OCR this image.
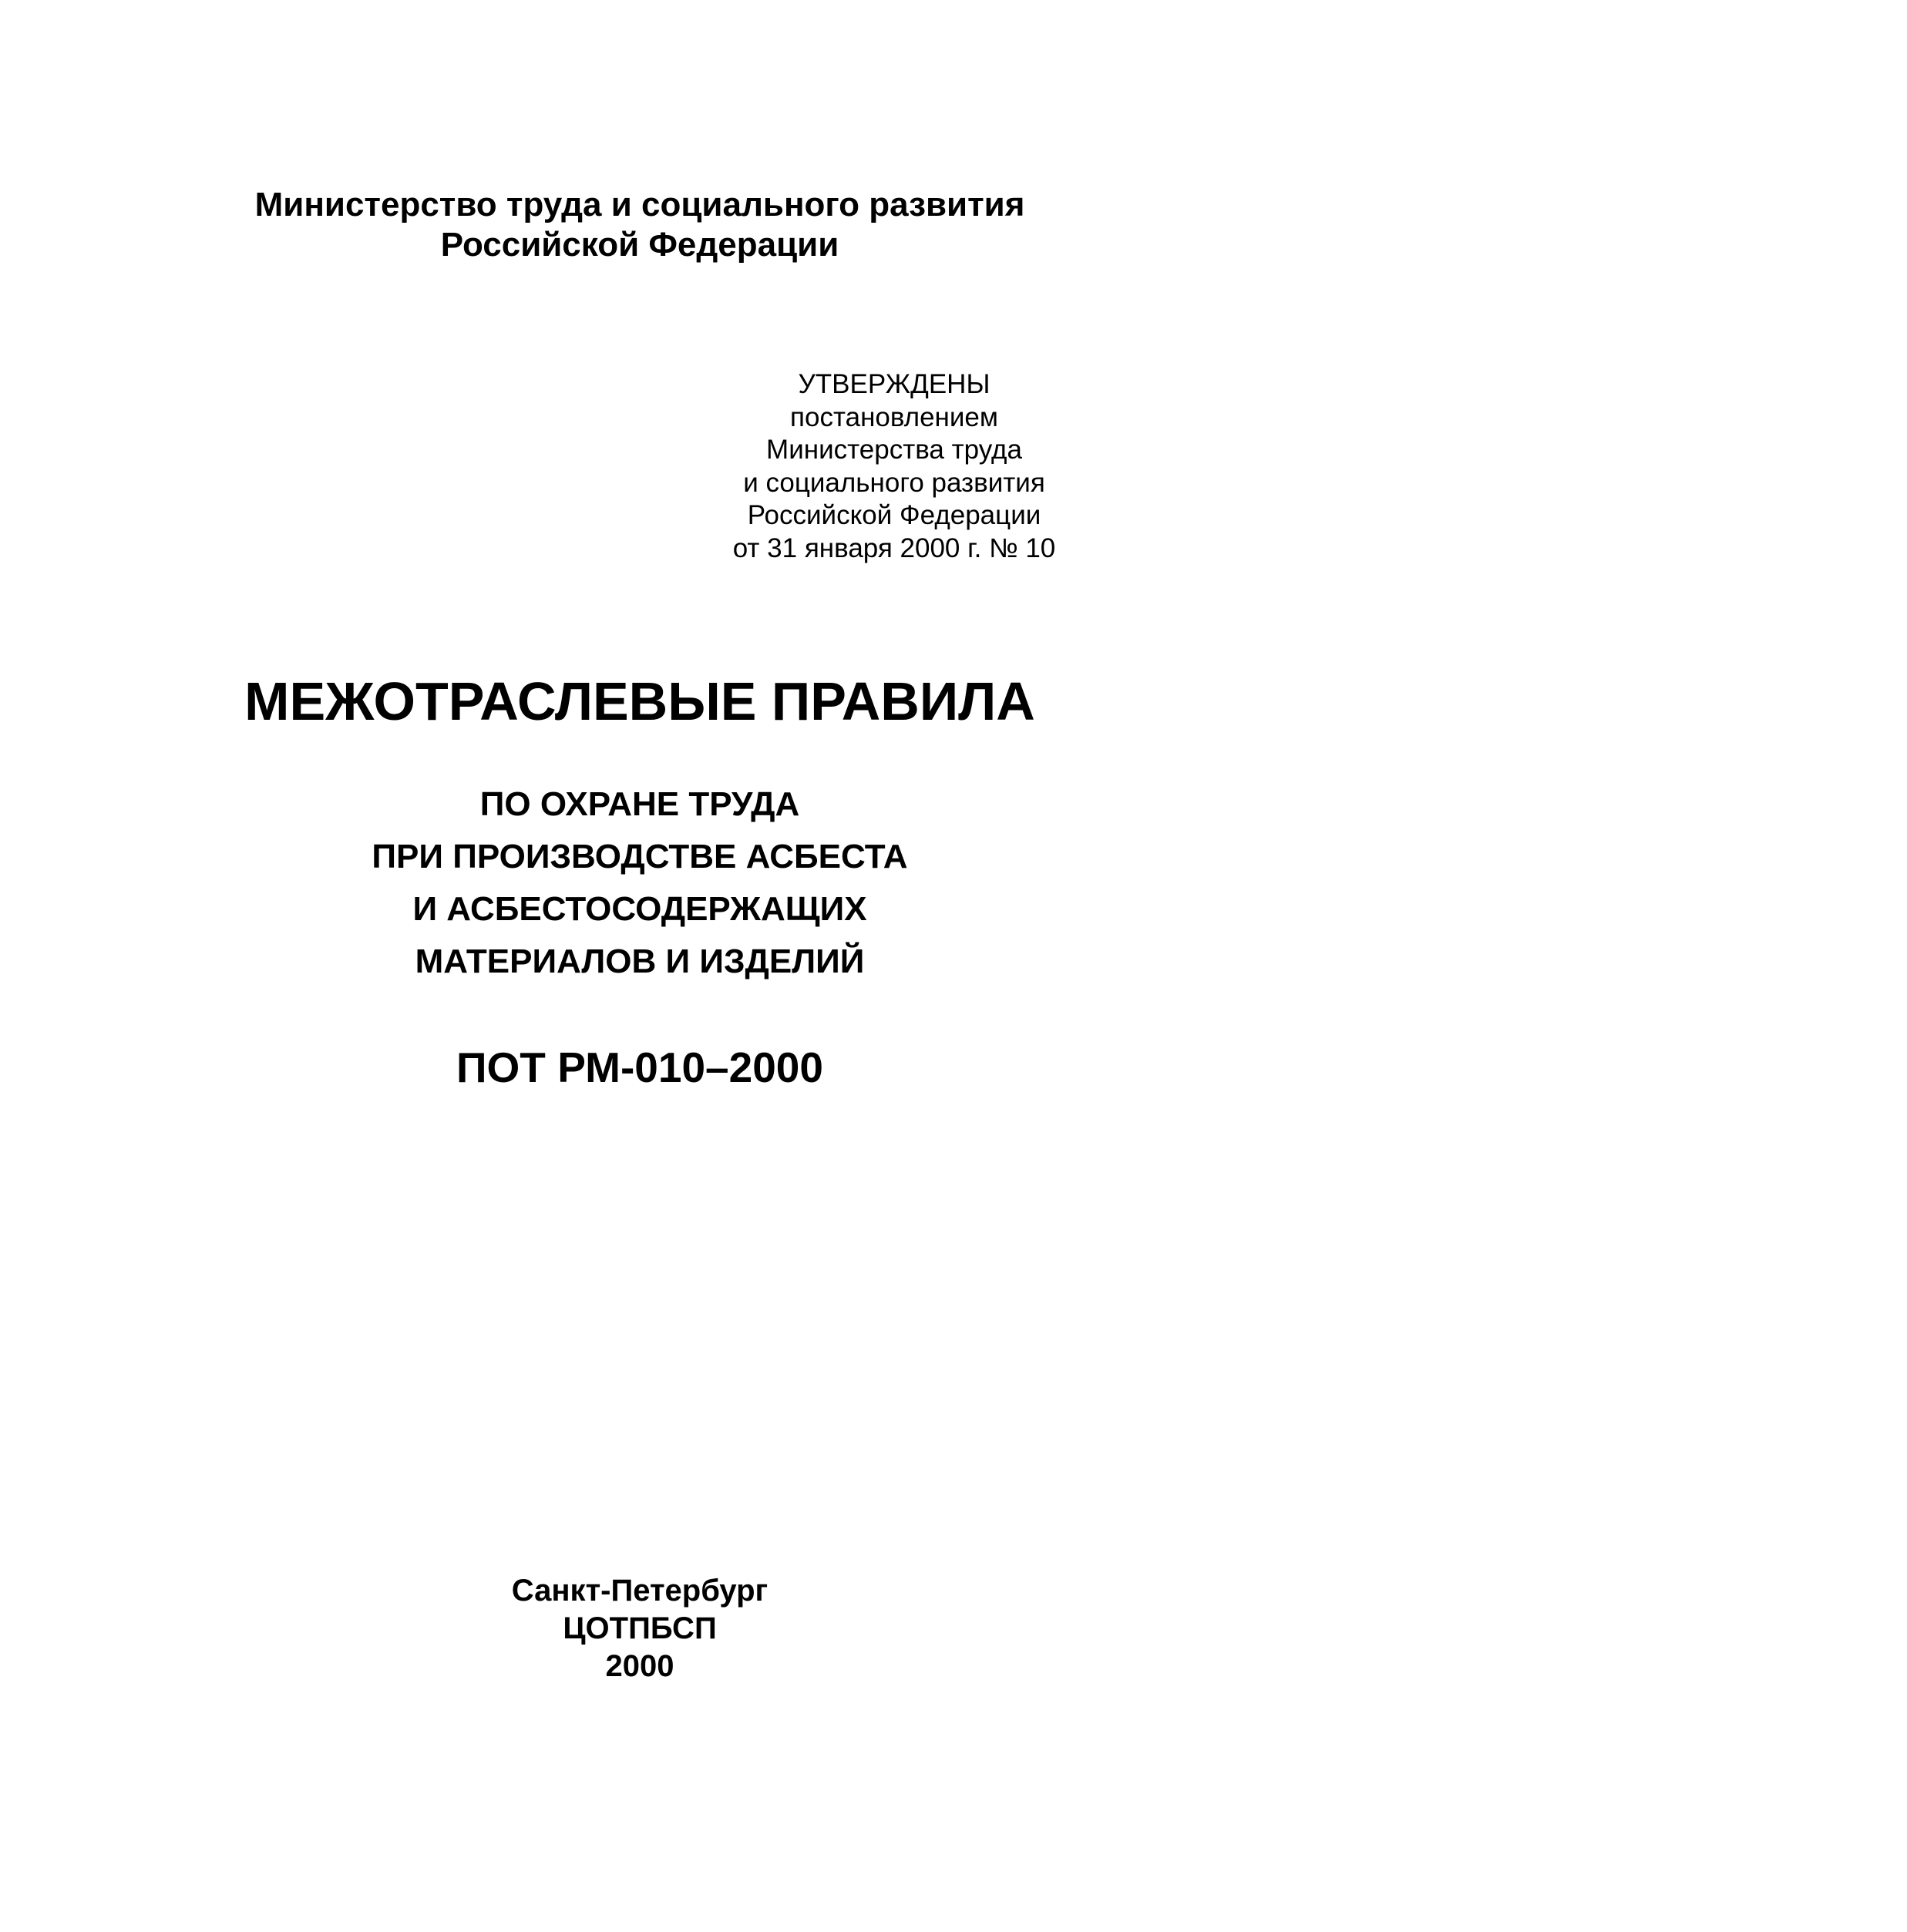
Министерство труда и социального развития
Российской Федерации
УТВЕРЖДЕНЫ
постановлением
Министерства труда
и социального развития
Российской Федерации
от 31 января 2000 г. № 10
МЕЖОТРАСЛЕВЫЕ ПРАВИЛА
ПО ОХРАНЕ ТРУДА
ПРИ ПРОИЗВОДСТВЕ АСБЕСТА
И АСБЕСТОСОДЕРЖАЩИХ
МАТЕРИАЛОВ И ИЗДЕЛИЙ
ПОТ РМ-010–2000
Санкт-Петербург
ЦОТПБСП
2000
